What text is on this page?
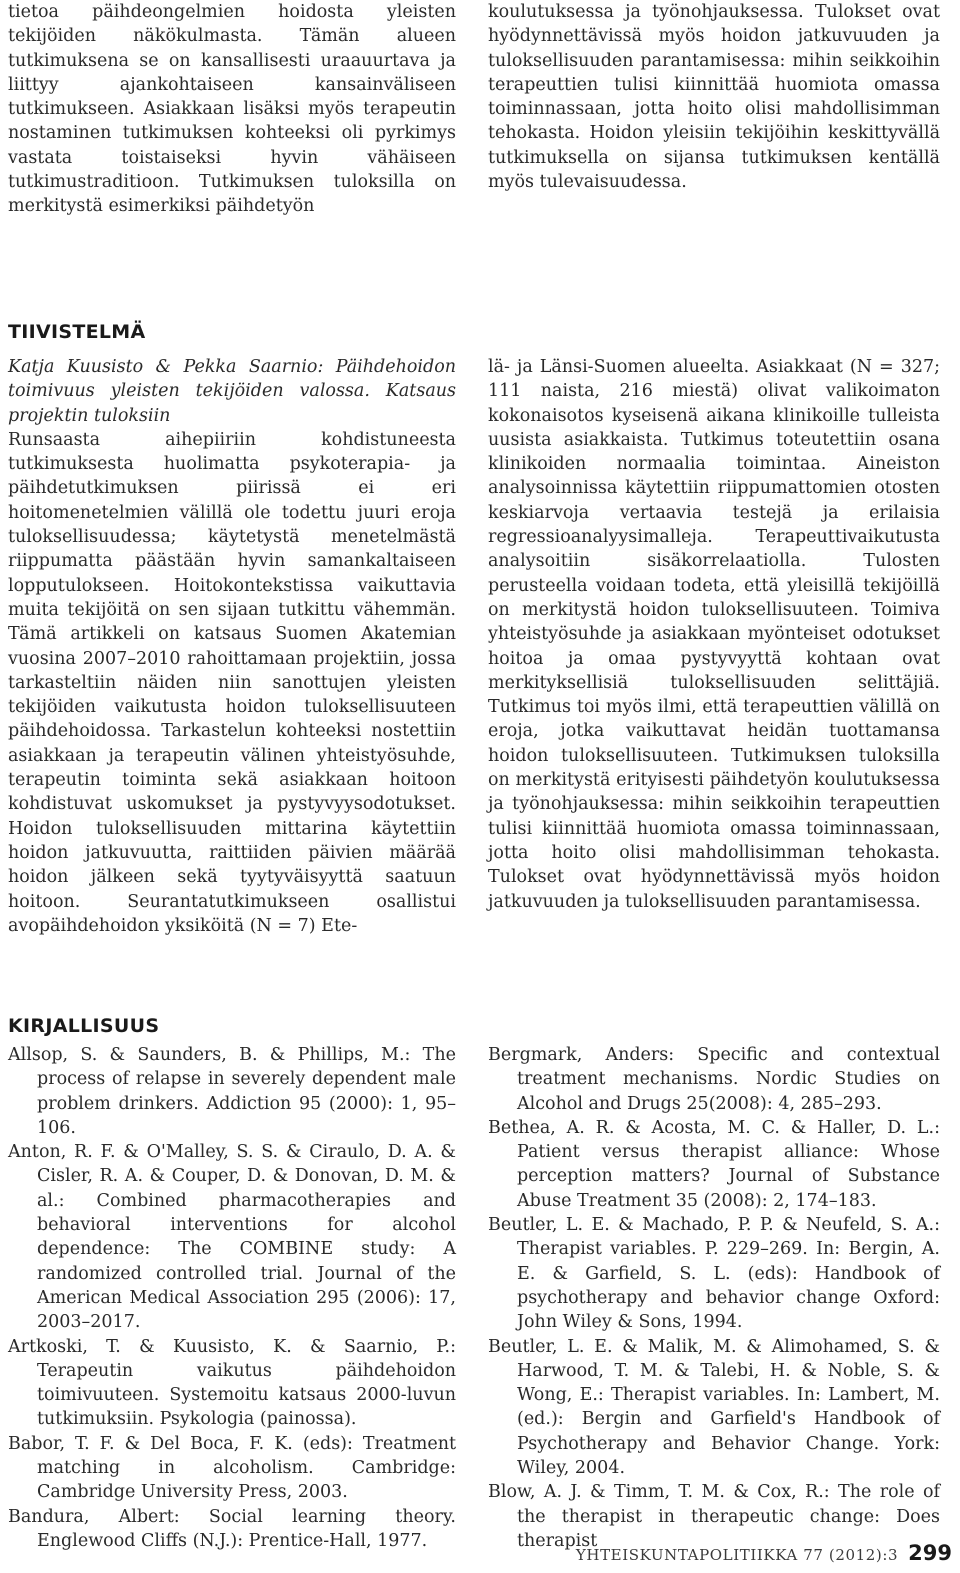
tietoa päihdeongelmien hoidosta yleisten tekijöiden näkökulmasta. Tämän alueen tutkimuksena se on kansallisesti uraauurtava ja liittyy ajankohtaiseen kansainväliseen tutkimukseen. Asiakkaan lisäksi myös terapeutin nostaminen tutkimuksen kohteeksi oli pyrkimys vastata toistaiseksi hyvin vähäiseen tutkimustraditioon. Tutkimuksen tuloksilla on merkitystä esimerkiksi päihdetyön
koulutuksessa ja työnohjauksessa. Tulokset ovat hyödynnettävissä myös hoidon jatkuvuuden ja tuloksellisuuden parantamisessa: mihin seikkoihin terapeuttien tulisi kiinnittää huomiota omassa toiminnassaan, jotta hoito olisi mahdollisimman tehokasta. Hoidon yleisiin tekijöihin keskittyvällä tutkimuksella on sijansa tutkimuksen kentällä myös tulevaisuudessa.
TIIVISTELMÄ
Katja Kuusisto & Pekka Saarnio: Päihdehoidon toimivuus yleisten tekijöiden valossa. Katsaus projektin tuloksiin
Runsaasta aihepiiriin kohdistuneesta tutkimuksesta huolimatta psykoterapia- ja päihdetutkimuksen piirissä ei eri hoitomenetelmien välillä ole todettu juuri eroja tuloksellisuudessa; käytetystä menetelmästä riippumatta päästään hyvin samankaltaiseen lopputulokseen. Hoitokontekstissa vaikuttavia muita tekijöitä on sen sijaan tutkittu vähemmän. Tämä artikkeli on katsaus Suomen Akatemian vuosina 2007–2010 rahoittamaan projektiin, jossa tarkasteltiin näiden niin sanottujen yleisten tekijöiden vaikutusta hoidon tuloksellisuuteen päihdehoidossa. Tarkastelun kohteeksi nostettiin asiakkaan ja terapeutin välinen yhteistyösuhde, terapeutin toiminta sekä asiakkaan hoitoon kohdistuvat uskomukset ja pystyvyysodotukset. Hoidon tuloksellisuuden mittarina käytettiin hoidon jatkuvuutta, raittiiden päivien määrää hoidon jälkeen sekä tyytyväisyyttä saatuun hoitoon. Seurantatutkimukseen osallistui avopäihdehoidon yksiköitä (N = 7) Ete-
lä- ja Länsi-Suomen alueelta. Asiakkaat (N = 327; 111 naista, 216 miestä) olivat valikoimaton kokonaisotos kyseisenä aikana klinikoille tulleista uusista asiakkaista. Tutkimus toteutettiin osana klinikoiden normaalia toimintaa. Aineiston analysoinnissa käytettiin riippumattomien otosten keskiarvoja vertaavia testejä ja erilaisia regressioanalyysimalleja. Terapeuttivaikutusta analysoitiin sisäkorrelaatiolla. Tulosten perusteella voidaan todeta, että yleisillä tekijöillä on merkitystä hoidon tuloksellisuuteen. Toimiva yhteistyösuhde ja asiakkaan myönteiset odotukset hoitoa ja omaa pystyvyyttä kohtaan ovat merkityksellisiä tuloksellisuuden selittäjiä. Tutkimus toi myös ilmi, että terapeuttien välillä on eroja, jotka vaikuttavat heidän tuottamansa hoidon tuloksellisuuteen. Tutkimuksen tuloksilla on merkitystä erityisesti päihdetyön koulutuksessa ja työnohjauksessa: mihin seikkoihin terapeuttien tulisi kiinnittää huomiota omassa toiminnassaan, jotta hoito olisi mahdollisimman tehokasta. Tulokset ovat hyödynnettävissä myös hoidon jatkuvuuden ja tuloksellisuuden parantamisessa.
KIRJALLISUUS

Allsop, S. & Saunders, B. & Phillips, M.: The process of relapse in severely dependent male problem drinkers. Addiction 95 (2000): 1, 95–106.

Anton, R. F. & O'Malley, S. S. & Ciraulo, D. A. & Cisler, R. A. & Couper, D. & Donovan, D. M. & al.: Combined pharmacotherapies and behavioral interventions for alcohol dependence: The COMBINE study: A randomized controlled trial. Journal of the American Medical Association 295 (2006): 17, 2003–2017.

Artkoski, T. & Kuusisto, K. & Saarnio, P.: Terapeutin vaikutus päihdehoidon toimivuuteen. Systemoitu katsaus 2000-luvun tutkimuksiin. Psykologia (painossa).

Babor, T. F. & Del Boca, F. K. (eds): Treatment matching in alcoholism. Cambridge: Cambridge University Press, 2003.

Bandura, Albert: Social learning theory. Englewood Cliffs (N.J.): Prentice-Hall, 1977.

Bergmark, Anders: Specific and contextual treatment mechanisms. Nordic Studies on Alcohol and Drugs 25(2008): 4, 285–293.

Bethea, A. R. & Acosta, M. C. & Haller, D. L.: Patient versus therapist alliance: Whose perception matters? Journal of Substance Abuse Treatment 35 (2008): 2, 174–183.

Beutler, L. E. & Machado, P. P. & Neufeld, S. A.: Therapist variables. P. 229–269. In: Bergin, A. E. & Garfield, S. L. (eds): Handbook of psychotherapy and behavior change Oxford: John Wiley & Sons, 1994.

Beutler, L. E. & Malik, M. & Alimohamed, S. & Harwood, T. M. & Talebi, H. & Noble, S. & Wong, E.: Therapist variables. In: Lambert, M. (ed.): Bergin and Garfield's Handbook of Psychotherapy and Behavior Change. York: Wiley, 2004.

Blow, A. J. & Timm, T. M. & Cox, R.: The role of the therapist in therapeutic change: Does therapist

YHTEISKUNTAPOLITIIKKA 77 (2012):3 299
